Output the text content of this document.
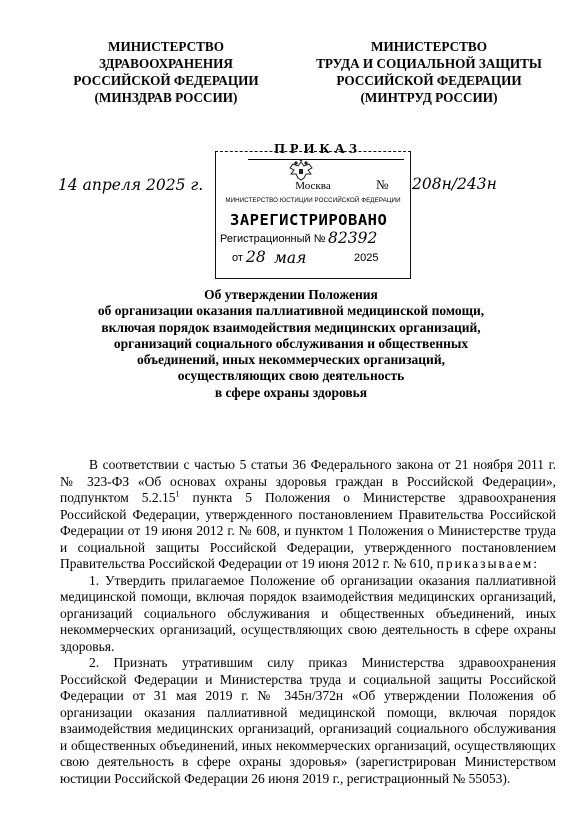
МИНИСТЕРСТВО
ЗДРАВООХРАНЕНИЯ
РОССИЙСКОЙ ФЕДЕРАЦИИ
(МИНЗДРАВ РОССИИ)
МИНИСТЕРСТВО
ТРУДА И СОЦИАЛЬНОЙ ЗАЩИТЫ
РОССИЙСКОЙ ФЕДЕРАЦИИ
(МИНТРУД РОССИИ)
ПРИКАЗ
14 апреля 2025 г.	№ 208н/243н
Москва
МИНИСТЕРСТВО ЮСТИЦИИ РОССИЙСКОЙ ФЕДЕРАЦИИ
ЗАРЕГИСТРИРОВАНО
Регистрационный № 82392
от 28 мая	2025
Об утверждении Положения
об организации оказания паллиативной медицинской помощи,
включая порядок взаимодействия медицинских организаций,
организаций социального обслуживания и общественных
объединений, иных некоммерческих организаций,
осуществляющих свою деятельность
в сфере охраны здоровья

В соответствии с частью 5 статьи 36 Федерального закона от 21 ноября 2011 г. № 323-ФЗ «Об основах охраны здоровья граждан в Российской Федерации», подпунктом 5.2.15$^1$ пункта 5 Положения о Министерстве здравоохранения Российской Федерации, утвержденного постановлением Правительства Российской Федерации от 19 июня 2012 г. № 608, и пунктом 1 Положения о Министерстве труда и социальной защиты Российской Федерации, утвержденного постановлением Правительства Российской Федерации от 19 июня 2012 г. № 610, приказываем:

1. Утвердить прилагаемое Положение об организации оказания паллиативной медицинской помощи, включая порядок взаимодействия медицинских организаций, организаций социального обслуживания и общественных объединений, иных некоммерческих организаций, осуществляющих свою деятельность в сфере охраны здоровья.

2. Признать утратившим силу приказ Министерства здравоохранения Российской Федерации и Министерства труда и социальной защиты Российской Федерации от 31 мая 2019 г. № 345н/372н «Об утверждении Положения об организации оказания паллиативной медицинской помощи, включая порядок взаимодействия медицинских организаций, организаций социального обслуживания и общественных объединений, иных некоммерческих организаций, осуществляющих свою деятельность в сфере охраны здоровья» (зарегистрирован Министерством юстиции Российской Федерации 26 июня 2019 г., регистрационный № 55053).
